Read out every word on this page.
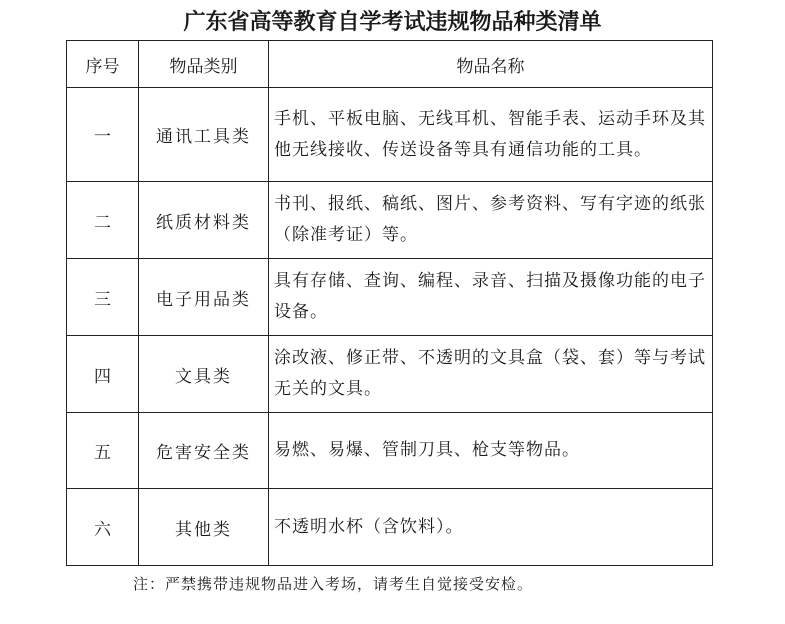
广东省高等教育自学考试违规物品种类清单
序号	物品类别	物品名称
一	通讯工具类	手机、平板电脑、无线耳机、智能手表、运动手环及其他无线接收、传送设备等具有通信功能的工具。
二	纸质材料类	书刊、报纸、稿纸、图片、参考资料、写有字迹的纸张（除准考证）等。
三	电子用品类	具有存储、查询、编程、录音、扫描及摄像功能的电子设备。
四	文具类	涂改液、修正带、不透明的文具盒（袋、套）等与考试无关的文具。
五	危害安全类	易燃、易爆、管制刀具、枪支等物品。
六	其他类	不透明水杯（含饮料）。
注：严禁携带违规物品进入考场，请考生自觉接受安检。
